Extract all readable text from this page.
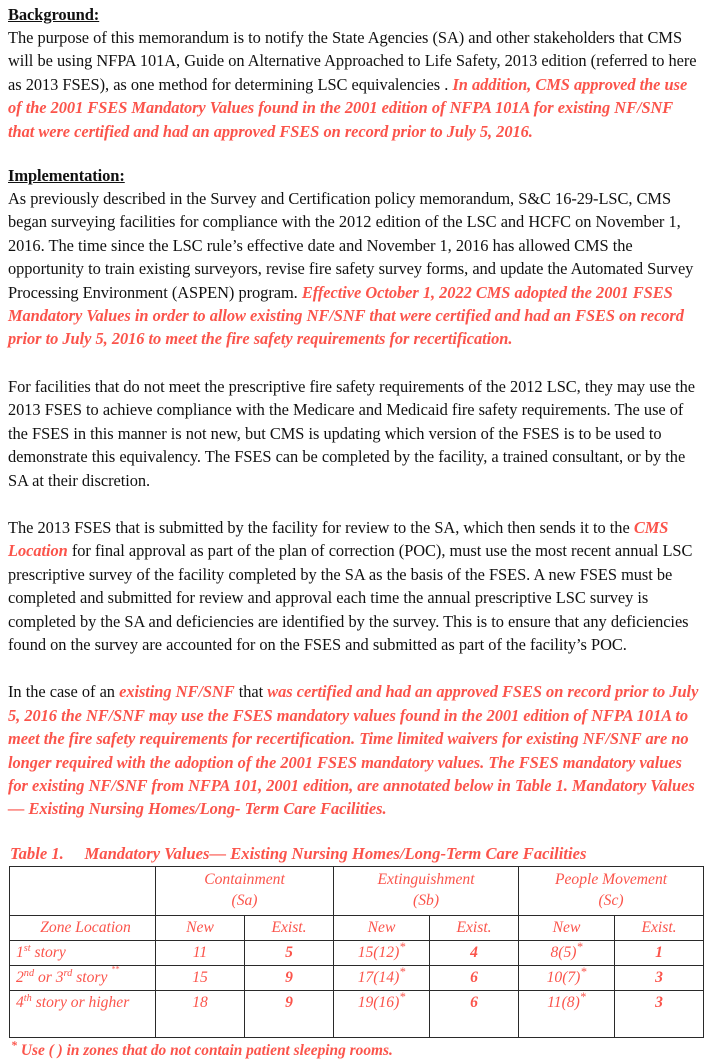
Background:

The purpose of this memorandum is to notify the State Agencies (SA) and other stakeholders that CMS will be using NFPA 101A, Guide on Alternative Approached to Life Safety, 2013 edition (referred to here as 2013 FSES), as one method for determining LSC equivalencies . In addition, CMS approved the use of the 2001 FSES Mandatory Values found in the 2001 edition of NFPA 101A for existing NF/SNF that were certified and had an approved FSES on record prior to July 5, 2016.

Implementation:

As previously described in the Survey and Certification policy memorandum, S&C 16-29-LSC, CMS began surveying facilities for compliance with the 2012 edition of the LSC and HCFC on November 1, 2016. The time since the LSC rule’s effective date and November 1, 2016 has allowed CMS the opportunity to train existing surveyors, revise fire safety survey forms, and update the Automated Survey Processing Environment (ASPEN) program. Effective October 1, 2022 CMS adopted the 2001 FSES Mandatory Values in order to allow existing NF/SNF that were certified and had an FSES on record prior to July 5, 2016 to meet the fire safety requirements for recertification.

For facilities that do not meet the prescriptive fire safety requirements of the 2012 LSC, they may use the 2013 FSES to achieve compliance with the Medicare and Medicaid fire safety requirements. The use of the FSES in this manner is not new, but CMS is updating which version of the FSES is to be used to demonstrate this equivalency. The FSES can be completed by the facility, a trained consultant, or by the SA at their discretion.

The 2013 FSES that is submitted by the facility for review to the SA, which then sends it to the CMS Location for final approval as part of the plan of correction (POC), must use the most recent annual LSC prescriptive survey of the facility completed by the SA as the basis of the FSES. A new FSES must be completed and submitted for review and approval each time the annual prescriptive LSC survey is completed by the SA and deficiencies are identified by the survey. This is to ensure that any deficiencies found on the survey are accounted for on the FSES and submitted as part of the facility’s POC.

In the case of an existing NF/SNF that was certified and had an approved FSES on record prior to July 5, 2016 the NF/SNF may use the FSES mandatory values found in the 2001 edition of NFPA 101A to meet the fire safety requirements for recertification. Time limited waivers for existing NF/SNF are no longer required with the adoption of the 2001 FSES mandatory values. The FSES mandatory values for existing NF/SNF from NFPA 101, 2001 edition, are annotated below in Table 1. Mandatory Values— Existing Nursing Homes/Long- Term Care Facilities.

Table 1.     Mandatory Values— Existing Nursing Homes/Long-Term Care Facilities

	Containment
(Sa)		Extinguishment
(Sb)		People Movement
(Sc)	

Zone Location	New	Exist.	New	Exist.	New	Exist.
1st story	11	5	15(12)*	4	8(5)*	1
2nd or 3rd story **	15	9	17(14)*	6	10(7)*	3
4th story or higher	18	9	19(16)*	6	11(8)*	3
* Use ( ) in zones that do not contain patient sleeping rooms.
